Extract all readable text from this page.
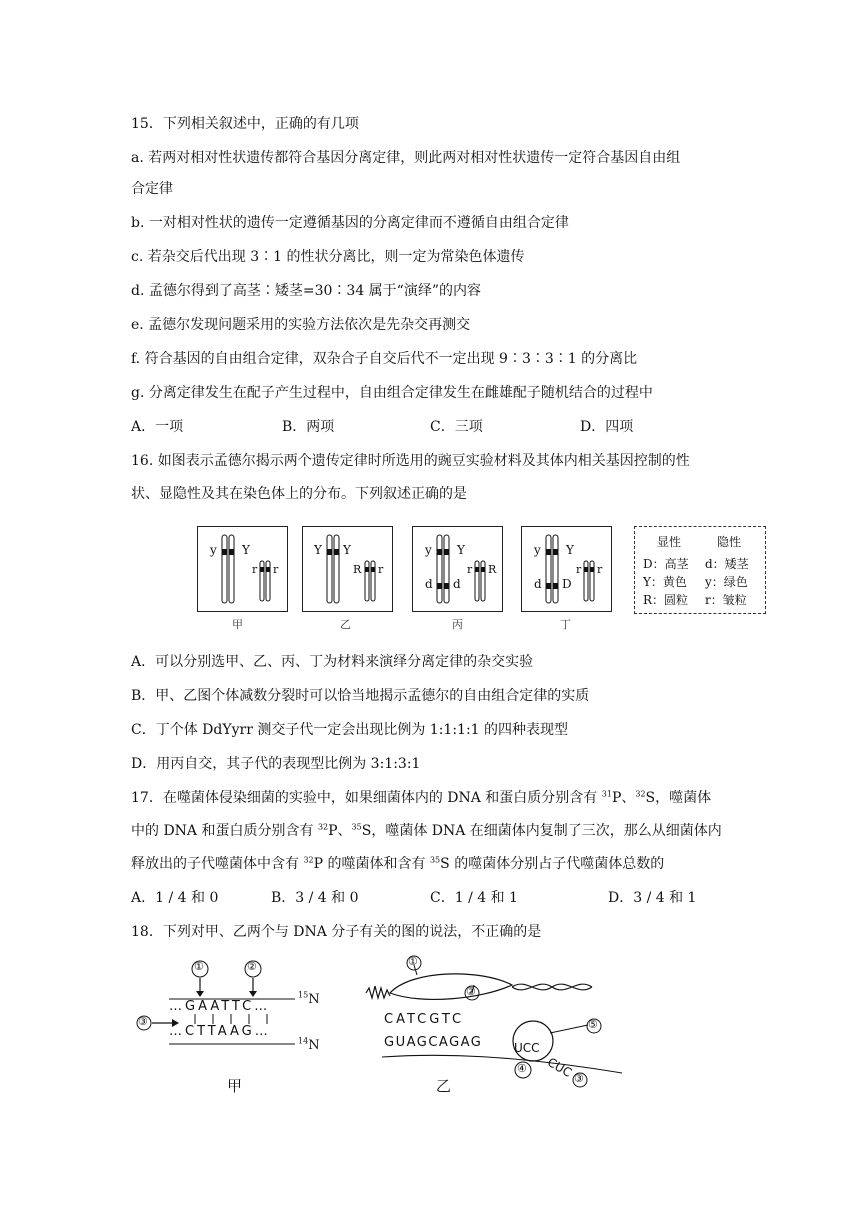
15．下列相关叙述中，正确的有几项
a. 若两对相对性状遗传都符合基因分离定律，则此两对相对性状遗传一定符合基因自由组
合定律
b. 一对相对性状的遗传一定遵循基因的分离定律而不遵循自由组合定律
c. 若杂交后代出现 3∶1 的性状分离比，则一定为常染色体遗传
d. 孟德尔得到了高茎∶矮茎=30∶34 属于“演绎”的内容
e. 孟德尔发现问题采用的实验方法依次是先杂交再测交
f. 符合基因的自由组合定律，双杂合子自交后代不一定出现 9∶3∶3∶1 的分离比
g. 分离定律发生在配子产生过程中，自由组合定律发生在雌雄配子随机结合的过程中
A．一项	B．两项	C．三项	D．四项
16. 如图表示孟德尔揭示两个遗传定律时所选用的豌豆实验材料及其体内相关基因控制的性
状、显隐性及其在染色体上的分布。下列叙述正确的是
y Y
r r
甲
Y Y
R r
乙
y Y
d d
r R
丙
y Y
d D
r r
丁
显性	隐性
D：高茎 d：矮茎
Y：黄色 y：绿色
R：圆粒 r：皱粒
A．可以分别选甲、乙、丙、丁为材料来演绎分离定律的杂交实验
B．甲、乙图个体减数分裂时可以恰当地揭示孟德尔的自由组合定律的实质
C．丁个体 DdYyrr 测交子代一定会出现比例为 1:1:1:1 的四种表现型
D．用丙自交，其子代的表现型比例为 3:1:3:1
17．在噬菌体侵染细菌的实验中，如果细菌体内的 DNA 和蛋白质分别含有 $^{31}$P、$^{32}$S，噬菌体
中的 DNA 和蛋白质分别含有 $^{32}$P、$^{35}$S，噬菌体 DNA 在细菌体内复制了三次，那么从细菌体内
释放出的子代噬菌体中含有 $^{32}$P 的噬菌体和含有 $^{35}$S 的噬菌体分别占子代噬菌体总数的
A．1 / 4 和 0	B．3 / 4 和 0	C．1 / 4 和 1	D．3 / 4 和 1
18．下列对甲、乙两个与 DNA 分子有关的图的说法，不正确的是
①	②
③
…GAATTC…
…CTTAAG…
$^{15}$N
$^{14}$N
甲
①
②
⑤
④
③
CATCGTC
GUAGCAGAG	UCC
CUC
乙
